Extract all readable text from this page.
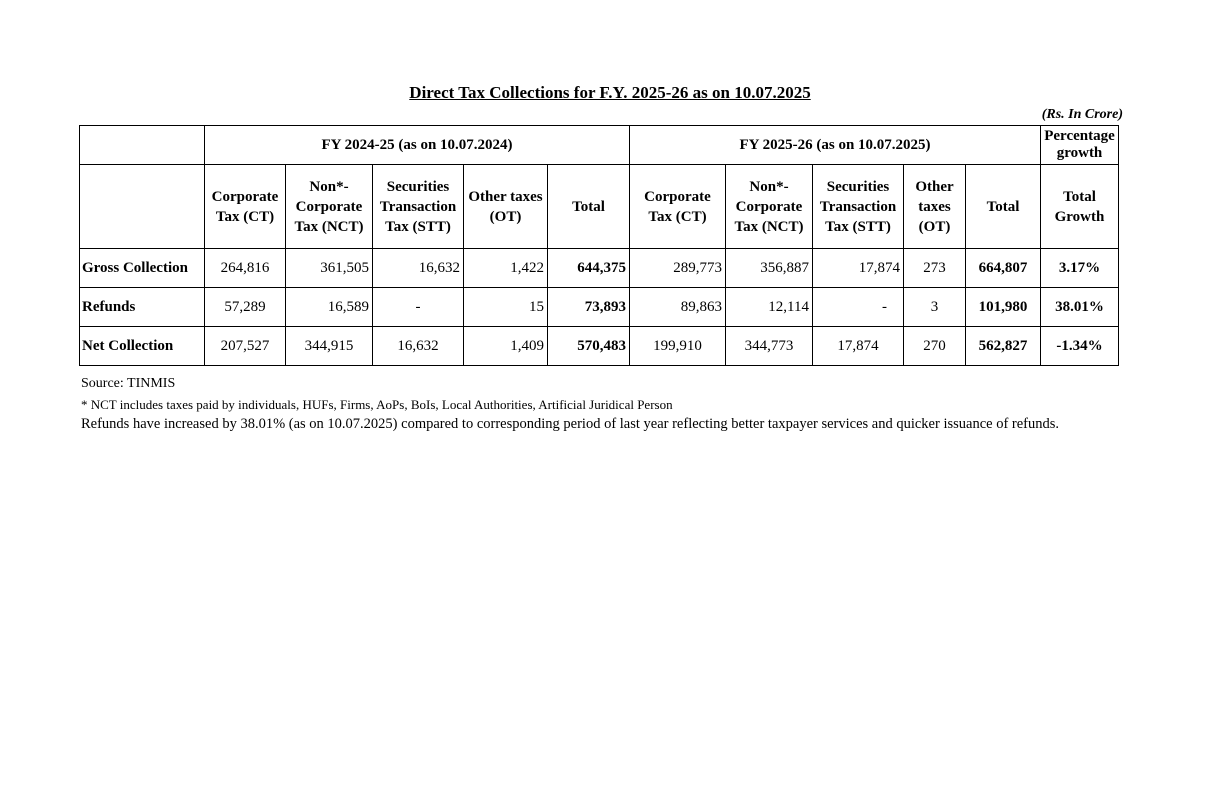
Direct Tax Collections for F.Y. 2025-26 as on 10.07.2025
(Rs. In Crore)
	FY 2024-25 (as on 10.07.2024)					FY 2025-26 (as on 10.07.2025)					Percentage growth
	Corporate Tax (CT)	Non*- Corporate Tax (NCT)	Securities Transaction Tax (STT)	Other taxes (OT)	Total	Corporate Tax (CT)	Non*- Corporate Tax (NCT)	Securities Transaction Tax (STT)	Other taxes (OT)	Total	Total Growth
Gross Collection	264,816	361,505	16,632	1,422	644,375	289,773	356,887	17,874	273	664,807	3.17%
Refunds	57,289	16,589	-	15	73,893	89,863	12,114	-	3	101,980	38.01%
Net Collection	207,527	344,915	16,632	1,409	570,483	199,910	344,773	17,874	270	562,827	-1.34%
Source: TINMIS
* NCT includes taxes paid by individuals, HUFs, Firms, AoPs, BoIs, Local Authorities, Artificial Juridical Person
Refunds have increased by 38.01% (as on 10.07.2025) compared to corresponding period of last year reflecting better taxpayer services and quicker issuance of refunds.
